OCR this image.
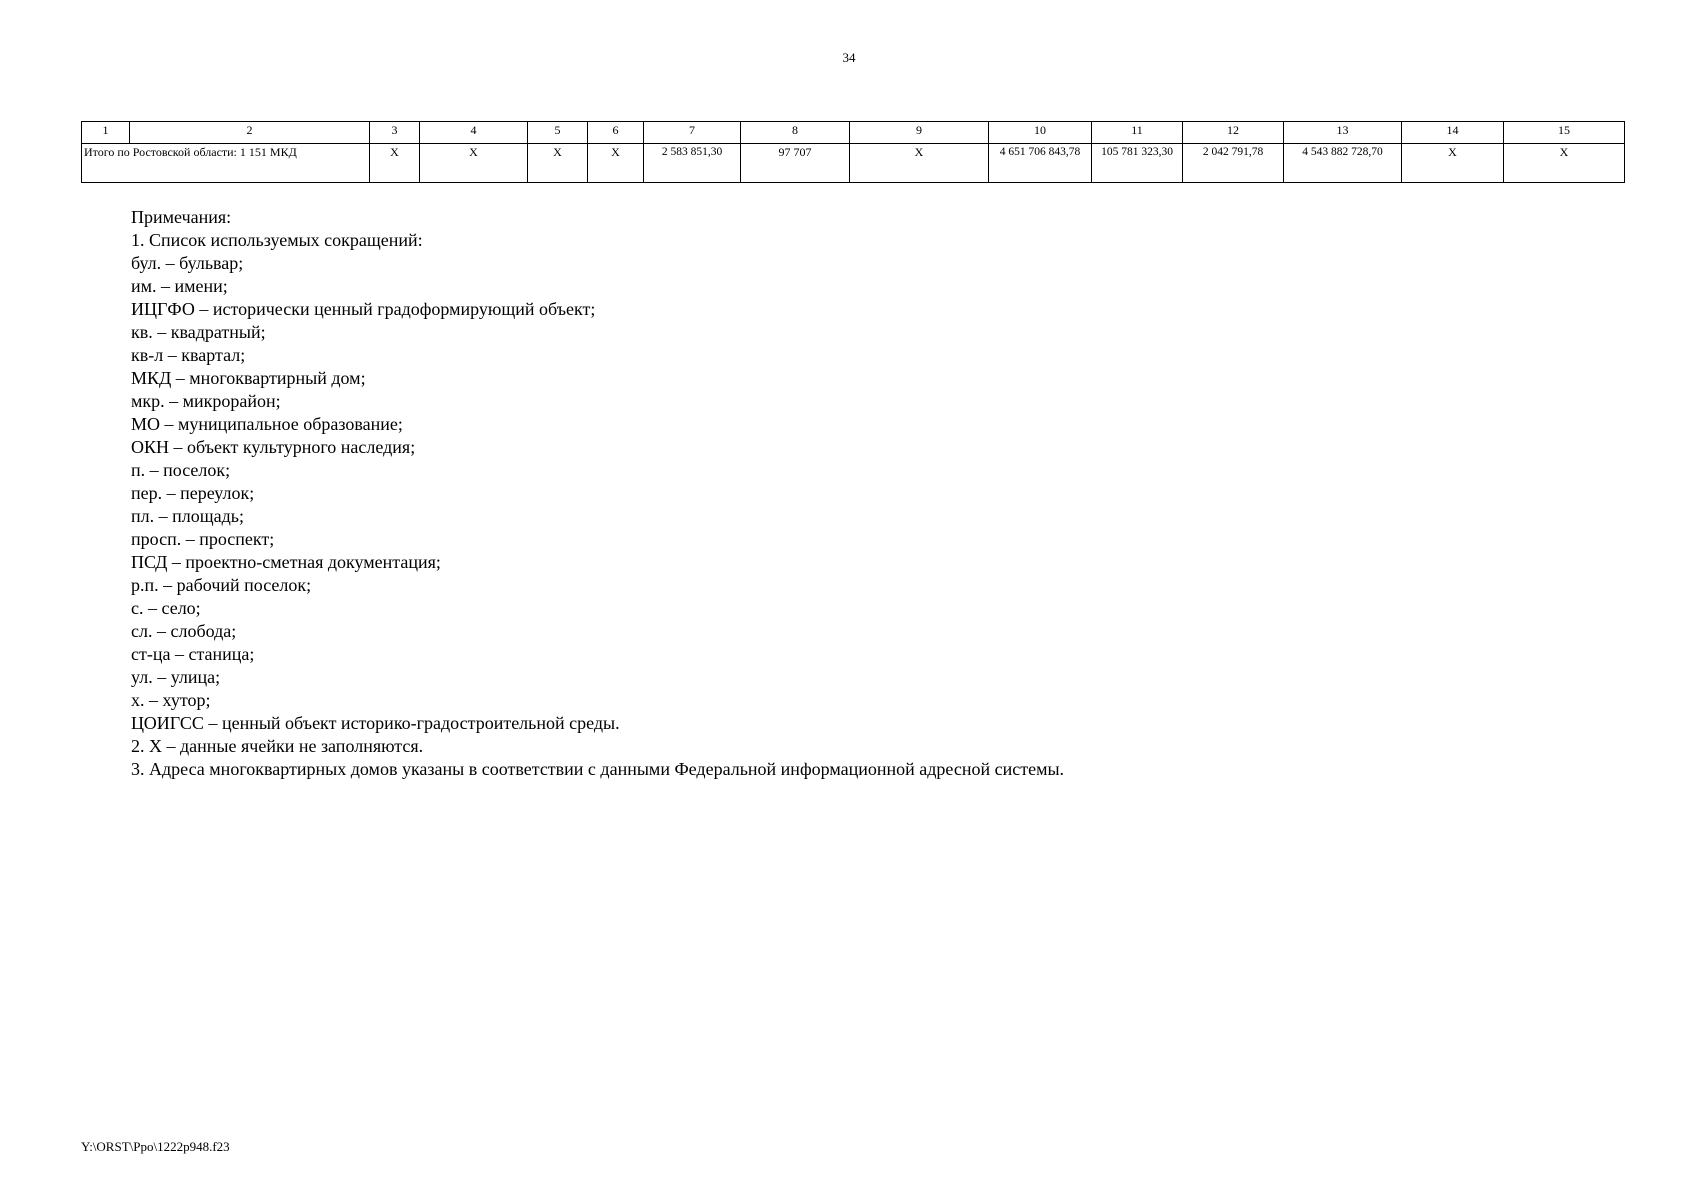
34
1	2	3	4	5	6	7	8	9	10	11	12	13	14	15
Итого по Ростовской области: 1 151 МКД		X	X	X	X	2 583 851,30	97 707	X	4 651 706 843,78	105 781 323,30	2 042 791,78	4 543 882 728,70	X	X

Примечания:

1. Список используемых сокращений:

бул. – бульвар;

им. – имени;

ИЦГФО – исторически ценный градоформирующий объект;

кв. – квадратный;

кв-л – квартал;

МКД – многоквартирный дом;

мкр. – микрорайон;

МО – муниципальное образование;

ОКН – объект культурного наследия;

п. – поселок;

пер. – переулок;

пл. – площадь;

просп. – проспект;

ПСД – проектно-сметная документация;

р.п. – рабочий поселок;

с. – село;

сл. – слобода;

ст-ца – станица;

ул. – улица;

х. – хутор;

ЦОИГСС – ценный объект историко-градостроительной среды.

2. X – данные ячейки не заполняются.

3. Адреса многоквартирных домов указаны в соответствии с данными Федеральной информационной адресной системы.

Y:\ORST\Ppo\1222p948.f23
